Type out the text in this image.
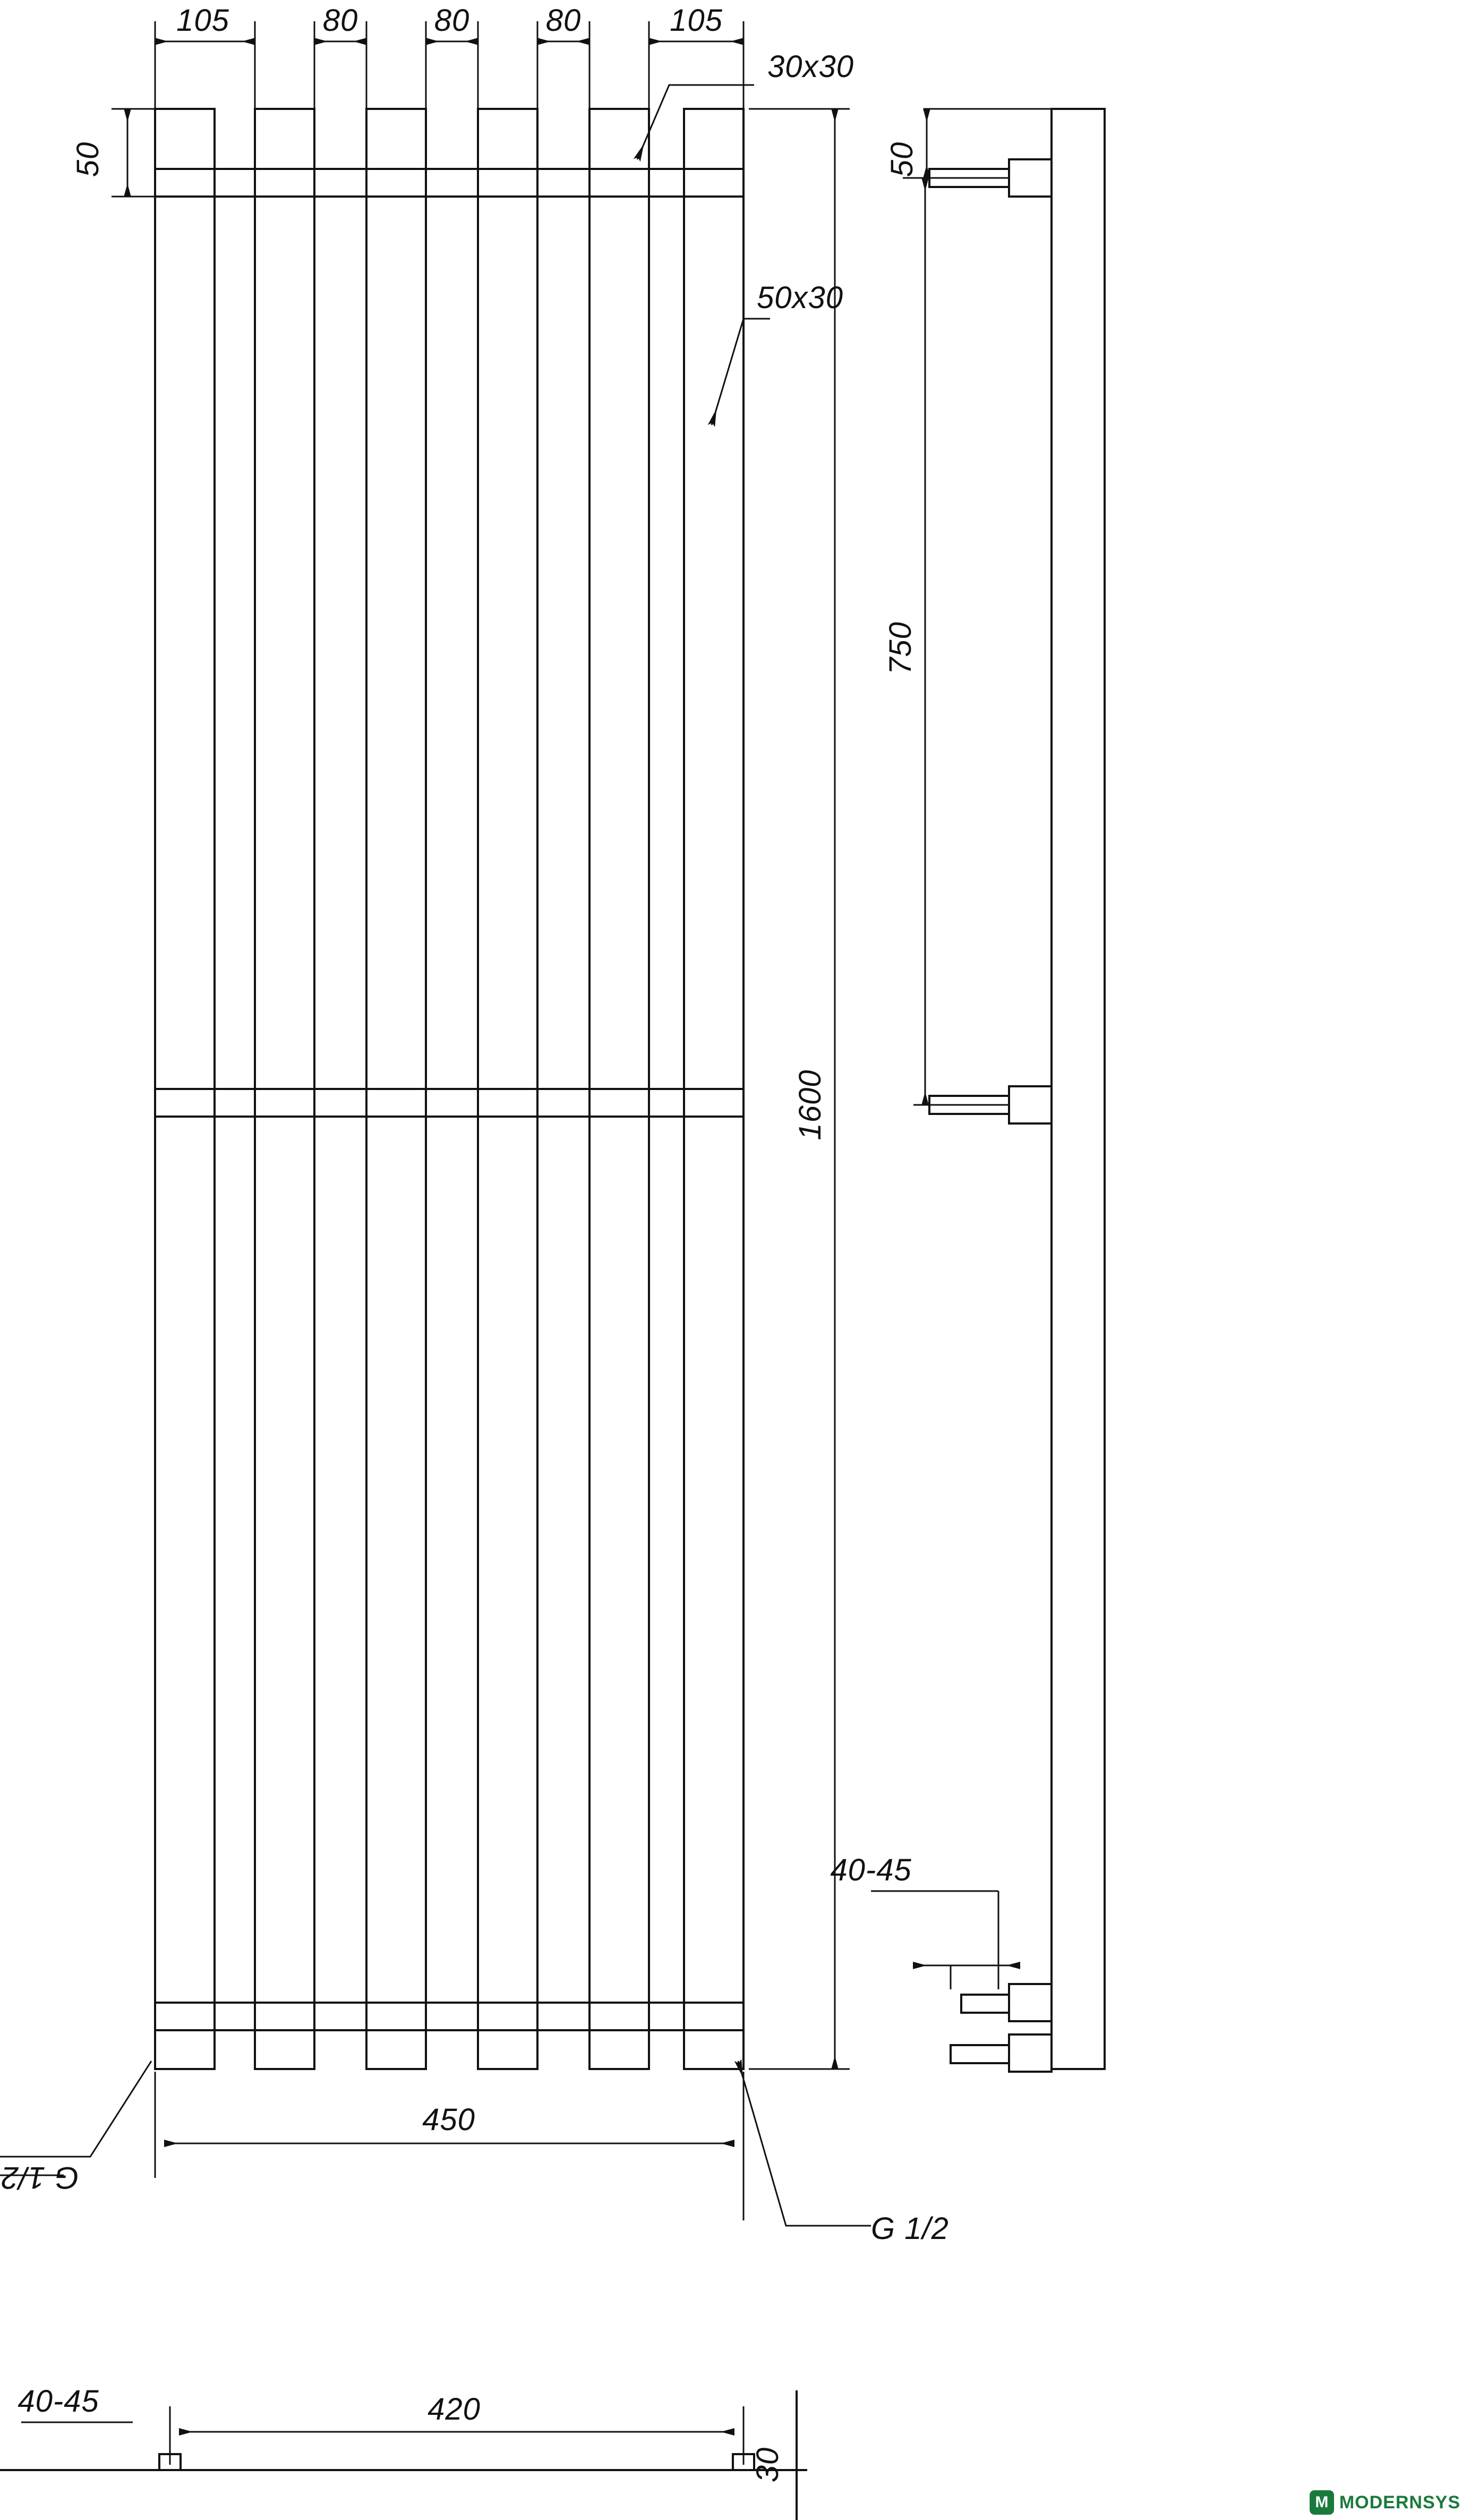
105	80 80 80	105
50
30x30
50x30
1600
750
50
450
G 1/2
G 1/2
40-45
40-45	420
30
M MODERNSYS
